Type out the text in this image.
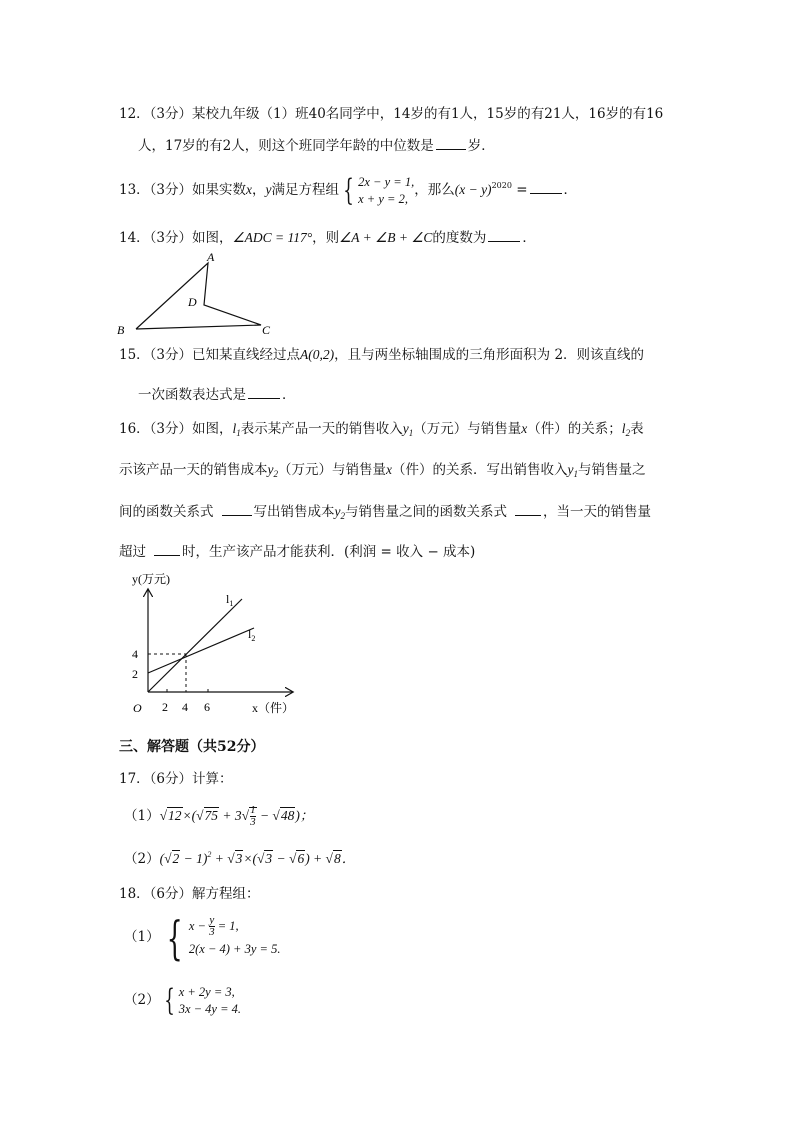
12．（3分）某校九年级（1）班40名同学中，14岁的有1人，15岁的有21人，16岁的有16
人，17岁的有2人，则这个班同学年龄的中位数是	岁．
13．（3分）如果实数x，y满足方程组 { 2x − y = 1,
x + y = 2,
，那么$(x - y)^{2020}$ =	．
14．（3分）如图，∠ADC = 117°，则∠A + ∠B + ∠C的度数为	．
A
B	C
D
15．（3分）已知某直线经过点A(0,2)，且与两坐标轴围成的三角形面积为 2．则该直线的
一次函数表达式是	．
16．（3分）如图，$l_1$表示某产品一天的销售收入$y_1$（万元）与销售量x（件）的关系；$l_2$表
示该产品一天的销售成本$y_2$（万元）与销售量x（件）的关系．写出销售收入$y_1$与销售量之
间的函数关系式	写出销售成本$y_2$与销售量之间的函数关系式	，当一天的销售量
超过	时，生产该产品才能获利．(利润 = 收入 − 成本)
y(万元)
x（件）
O 2 4 6
2
4
$l_1$
$l_2$
三、解答题（共52分）
17．（6分）计算：
$(1)√12\times(√75 + 3√ \frac{1}{3} - √48)$；
$(2)(√2 - 1)^2 + √3\times(√3 - √6) + √8$．
18．（6分）解方程组：
（1） { $x - \frac{y}{3} = 1$,
2(x − 4) + 3y = 5.
（2） { x + 2y = 3,
3x − 4y = 4.
